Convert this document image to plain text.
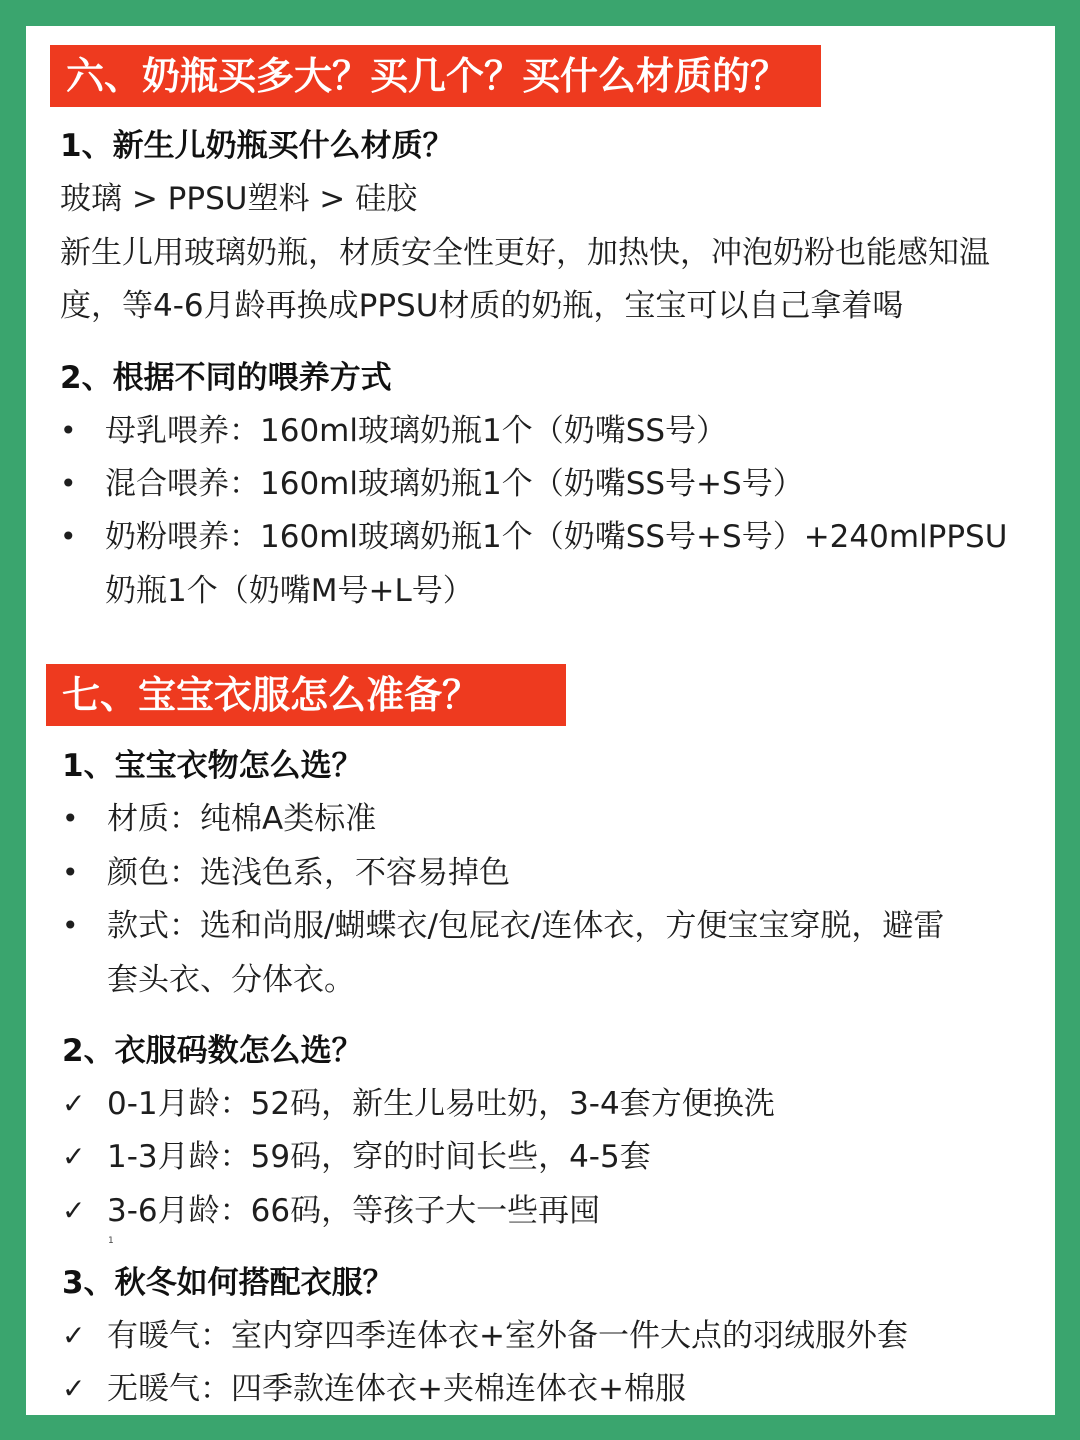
六、奶瓶买多大？买几个？买什么材质的？
1、新生儿奶瓶买什么材质？
玻璃 > PPSU塑料 > 硅胶
新生儿用玻璃奶瓶，材质安全性更好，加热快，冲泡奶粉也能感知温
度，等4-6月龄再换成PPSU材质的奶瓶，宝宝可以自己拿着喝
2、根据不同的喂养方式
• 母乳喂养：160ml玻璃奶瓶1个（奶嘴SS号）
• 混合喂养：160ml玻璃奶瓶1个（奶嘴SS号+S号）
• 奶粉喂养：160ml玻璃奶瓶1个（奶嘴SS号+S号）+240mlPPSU
奶瓶1个（奶嘴M号+L号）
七、宝宝衣服怎么准备？
1、宝宝衣物怎么选？
• 材质：纯棉A类标准
• 颜色：选浅色系，不容易掉色
• 款式：选和尚服/蝴蝶衣/包屁衣/连体衣，方便宝宝穿脱，避雷
套头衣、分体衣。
2、衣服码数怎么选？
✓ 0-1月龄：52码，新生儿易吐奶，3-4套方便换洗
✓ 1-3月龄：59码，穿的时间长些，4-5套
✓ 3-6月龄：66码，等孩子大一些再囤
1
3、秋冬如何搭配衣服？
✓ 有暖气：室内穿四季连体衣+室外备一件大点的羽绒服外套
✓ 无暖气：四季款连体衣+夹棉连体衣+棉服
